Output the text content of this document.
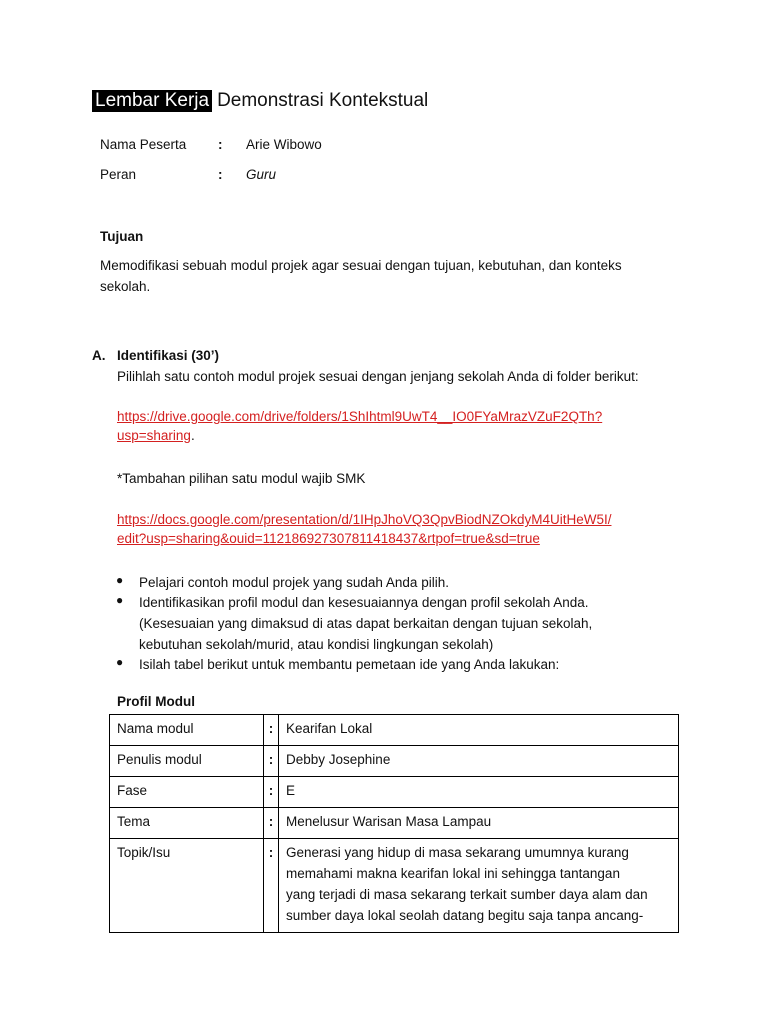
Lembar Kerja Demonstrasi Kontekstual
Nama Peserta : Arie Wibowo
Peran	: Guru
Tujuan
Memodifikasi sebuah modul projek agar sesuai dengan tujuan, kebutuhan, dan konteks
sekolah.
A. Identifikasi (30’)
Pilihlah satu contoh modul projek sesuai dengan jenjang sekolah Anda di folder berikut:
https://drive.google.com/drive/folders/1ShIhtml9UwT4__IO0FYaMrazVZuF2QTh?
usp=sharing.
*Tambahan pilihan satu modul wajib SMK
https://docs.google.com/presentation/d/1IHpJhoVQ3QpvBiodNZOkdyM4UitHeW5I/
edit?usp=sharing&ouid=112186927307811418437&rtpof=true&sd=true
● Pelajari contoh modul projek yang sudah Anda pilih.
● Identifikasikan profil modul dan kesesuaiannya dengan profil sekolah Anda.
(Kesesuaian yang dimaksud di atas dapat berkaitan dengan tujuan sekolah,
kebutuhan sekolah/murid, atau kondisi lingkungan sekolah)
● Isilah tabel berikut untuk membantu pemetaan ide yang Anda lakukan:
Profil Modul
Nama modul	:	Kearifan Lokal

Penulis modul	:	Debby Josephine

Fase	:	E

Tema	:	Menelusur Warisan Masa Lampau

Topik/Isu	:	Generasi yang hidup di masa sekarang umumnya kurang
memahami makna kearifan lokal ini sehingga tantangan
yang terjadi di masa sekarang terkait sumber daya alam dan
sumber daya lokal seolah datang begitu saja tanpa ancang-
